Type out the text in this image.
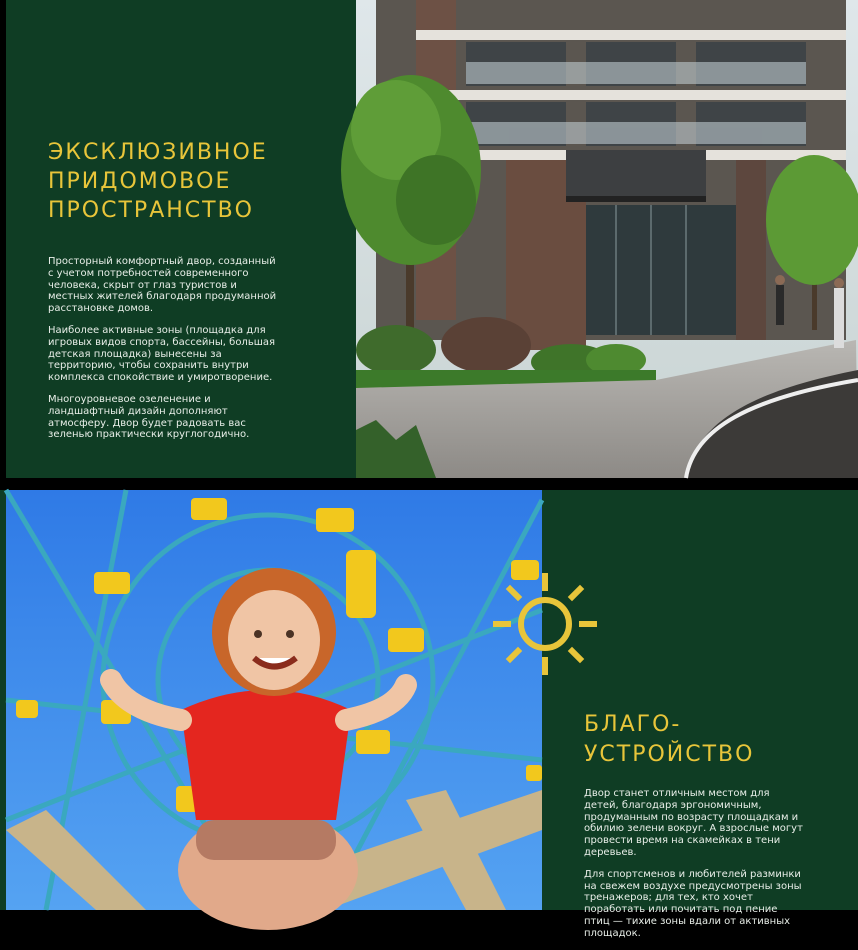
ЭКСКЛЮЗИВНОЕ
ПРИДОМОВОЕ
ПРОСТРАНСТВО

Просторный комфортный двор, созданный с учетом потребностей современного человека, скрыт от глаз туристов и местных жителей благодаря продуманной расстановке домов.

Наиболее активные зоны (площадка для игровых видов спорта, бассейны, большая детская площадка) вынесены за территорию, чтобы сохранить внутри комплекса спокойствие и умиротворение.

Многоуровневое озеленение и ландшафтный дизайн дополняют атмосферу. Двор будет радовать вас зеленью практически круглогодично.

БЛАГО-
УСТРОЙСТВО

Двор станет отличным местом для детей, благодаря эргономичным, продуманным по возрасту площадкам и обилию зелени вокруг. А взрослые могут провести время на скамейках в тени деревьев.

Для спортсменов и любителей разминки на свежем воздухе предусмотрены зоны тренажеров; для тех, кто хочет поработать или почитать под пение птиц — тихие зоны вдали от активных площадок.
